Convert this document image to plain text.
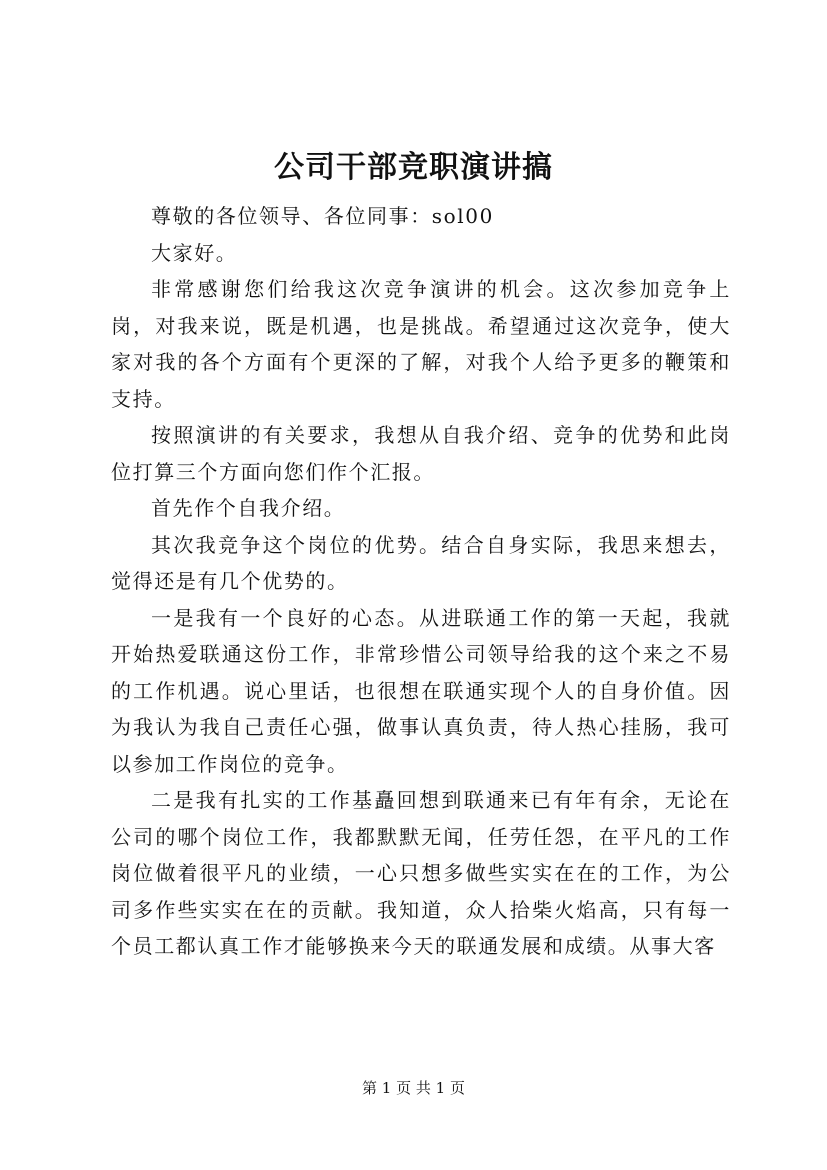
公司干部竞职演讲搞

尊敬的各位领导、各位同事：sol00

大家好。

非常感谢您们给我这次竞争演讲的机会。这次参加竞争上岗，对我来说，既是机遇，也是挑战。希望通过这次竞争，使大家对我的各个方面有个更深的了解，对我个人给予更多的鞭策和支持。

按照演讲的有关要求，我想从自我介绍、竞争的优势和此岗位打算三个方面向您们作个汇报。

首先作个自我介绍。

其次我竞争这个岗位的优势。结合自身实际，我思来想去，觉得还是有几个优势的。

一是我有一个良好的心态。从进联通工作的第一天起，我就开始热爱联通这份工作，非常珍惜公司领导给我的这个来之不易的工作机遇。说心里话，也很想在联通实现个人的自身价值。因为我认为我自己责任心强，做事认真负责，待人热心挂肠，我可以参加工作岗位的竞争。

二是我有扎实的工作基矗回想到联通来已有年有余，无论在公司的哪个岗位工作，我都默默无闻，任劳任怨，在平凡的工作岗位做着很平凡的业绩，一心只想多做些实实在在的工作，为公司多作些实实在在的贡献。我知道，众人拾柴火焰高，只有每一个员工都认真工作才能够换来今天的联通发展和成绩。从事大客

第 1 页 共 1 页
